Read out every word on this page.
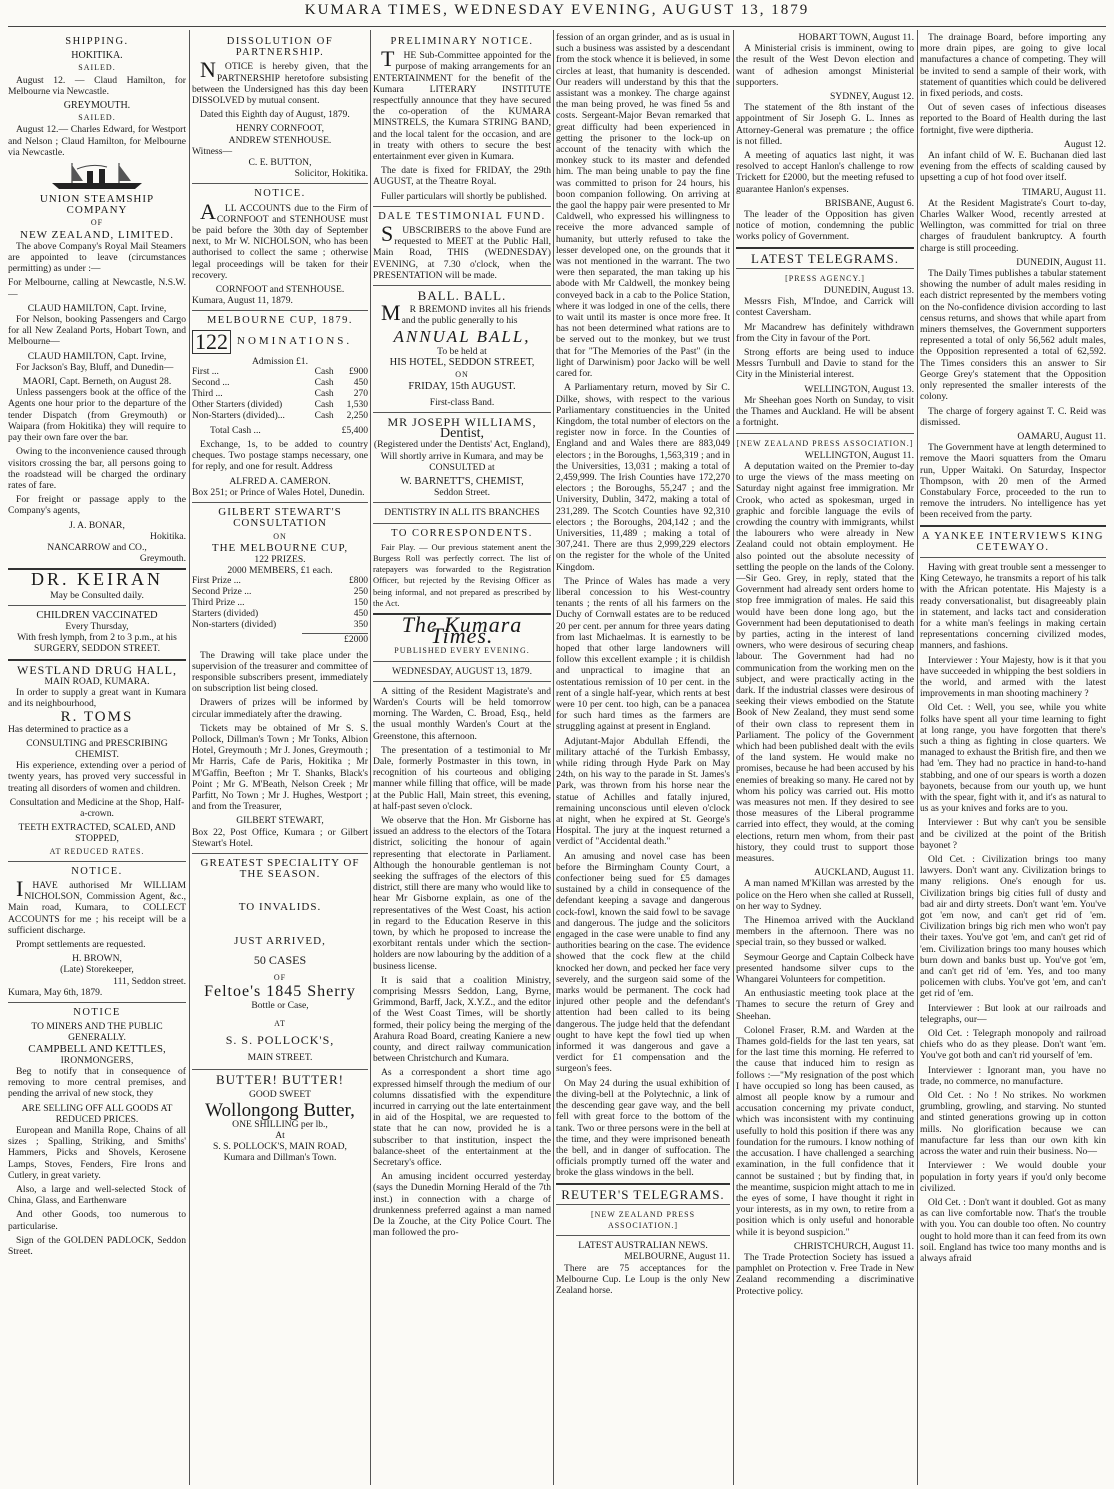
KUMARA TIMES, WEDNESDAY EVENING, AUGUST 13, 1879
SHIPPING.
HOKITIKA.
SAILED.

August 12. — Claud Hamilton, for Melbourne via Newcastle.

GREYMOUTH.
SAILED.

August 12.— Charles Edward, for Westport and Nelson ; Claud Hamilton, for Melbourne via Newcastle.

UNION STEAMSHIP COMPANY
OF
NEW ZEALAND, LIMITED.

The above Company's Royal Mail Steamers are appointed to leave (circumstances permitting) as under :—

For Melbourne, calling at Newcastle, N.S.W.—

CLAUD HAMILTON, Capt. Irvine,

For Nelson, booking Passengers and Cargo for all New Zealand Ports, Hobart Town, and Melbourne—

CLAUD HAMILTON, Capt. Irvine,

For Jackson's Bay, Bluff, and Dunedin—

MAORI, Capt. Berneth, on August 28.

Unless passengers book at the office of the Agents one hour prior to the departure of the tender Dispatch (from Greymouth) or Waipara (from Hokitika) they will require to pay their own fare over the bar.

Owing to the inconvenience caused through visitors crossing the bar, all persons going to the roadstead will be charged the ordinary rates of fare.

For freight or passage apply to the Company's agents,

J. A. BONAR,
Hokitika.
NANCARROW and CO.,
Greymouth.
DR. KEIRAN
May be Consulted daily.
CHILDREN VACCINATED
Every Thursday,
With fresh lymph, from 2 to 3 p.m., at his
SURGERY, SEDDON STREET.
WESTLAND DRUG HALL,
MAIN ROAD, KUMARA.

In order to supply a great want in Kumara and its neighbourhood,

R. TOMS

Has determined to practice as a

CONSULTING and PRESCRIBING CHEMIST.

His experience, extending over a period of twenty years, has proved very successful in treating all disorders of women and children.

Consultation and Medicine at the Shop, Half-a-crown.

TEETH EXTRACTED, SCALED, AND STOPPED,
AT REDUCED RATES.
NOTICE.

IHAVE authorised Mr WILLIAM NICHOLSON, Commission Agent, &c., Main road, Kumara, to COLLECT ACCOUNTS for me ; his receipt will be a sufficient discharge.

Prompt settlements are requested.

H. BROWN,
(Late) Storekeeper,
111, Seddon street.
Kumara, May 6th, 1879.
NOTICE
TO MINERS AND THE PUBLIC GENERALLY.
CAMPBELL AND KETTLES,
IRONMONGERS,

Beg to notify that in consequence of removing to more central premises, and pending the arrival of new stock, they

ARE SELLING OFF ALL GOODS AT REDUCED PRICES.

European and Manilla Rope, Chains of all sizes ; Spalling, Striking, and Smiths' Hammers, Picks and Shovels, Kerosene Lamps, Stoves, Fenders, Fire Irons and Cutlery, in great variety.

Also, a large and well-selected Stock of China, Glass, and Earthenware

And other Goods, too numerous to particularise.

Sign of the GOLDEN PADLOCK, Seddon Street.

DISSOLUTION OF PARTNERSHIP.

NOTICE is hereby given, that the PARTNERSHIP heretofore subsisting between the Undersigned has this day been DISSOLVED by mutual consent.

Dated this Eighth day of August, 1879.

HENRY CORNFOOT,
ANDREW STENHOUSE.
Witness—
C. E. BUTTON,
Solicitor, Hokitika.
NOTICE.

ALL ACCOUNTS due to the Firm of CORNFOOT and STENHOUSE must be paid before the 30th day of September next, to Mr W. NICHOLSON, who has been authorised to collect the same ; otherwise legal proceedings will be taken for their recovery.

CORNFOOT and STENHOUSE.
Kumara, August 11, 1879.
MELBOURNE CUP, 1879.
122 NOMINATIONS.
Admission £1.
First ...	Cash	£900
Second ...	Cash	450
Third ...	Cash	270
Other Starters (divided)	Cash	1,530
Non-Starters (divided)...	Cash	2,250
Total Cash ...	£5,400

Exchange, 1s, to be added to country cheques. Two postage stamps necessary, one for reply, and one for result. Address

ALFRED A. CAMERON.

Box 251; or Prince of Wales Hotel, Dunedin.

GILBERT STEWART'S CONSULTATION
ON
THE MELBOURNE CUP,
122 PRIZES.
2000 MEMBERS, £1 each.
First Prize ...	£800
Second Prize ...	250
Third Prize ...	150
Starters (divided)	450
Non-starters (divided)	350
£2000

The Drawing will take place under the supervision of the treasurer and committee of responsible subscribers present, immediately on subscription list being closed.

Drawers of prizes will be informed by circular immediately after the drawing.

Tickets may be obtained of Mr S. S. Pollock, Dillman's Town ; Mr Tonks, Albion Hotel, Greymouth ; Mr J. Jones, Greymouth ; Mr Harris, Cafe de Paris, Hokitika ; Mr M'Gaffin, Beefton ; Mr T. Shanks, Black's Point ; Mr G. M'Beath, Nelson Creek ; Mr Parfitt, No Town ; Mr J. Hughes, Westport ; and from the Treasurer,

GILBERT STEWART,

Box 22, Post Office, Kumara ; or Gilbert Stewart's Hotel.

GREATEST SPECIALITY OF THE SEASON.
TO INVALIDS.
JUST ARRIVED,
50 CASES
OF
Feltoe's 1845 Sherry
Bottle or Case,
AT
S. S. POLLOCK'S,
MAIN STREET.
BUTTER! BUTTER!
GOOD SWEET
Wollongong Butter,
ONE SHILLING per lb.,
At
S. S. POLLOCK'S, MAIN ROAD,
Kumara and Dillman's Town.
PRELIMINARY NOTICE.

THE Sub-Committee appointed for the purpose of making arrangements for an ENTERTAINMENT for the benefit of the Kumara LITERARY INSTITUTE respectfully announce that they have secured the co-operation of the KUMARA MINSTRELS, the Kumara STRING BAND, and the local talent for the occasion, and are in treaty with others to secure the best entertainment ever given in Kumara.

The date is fixed for FRIDAY, the 29th AUGUST, at the Theatre Royal.

Fuller particulars will shortly be published.

DALE TESTIMONIAL FUND.

SUBSCRIBERS to the above Fund are requested to MEET at the Public Hall, Main Road, THIS (WEDNESDAY) EVENING, at 7.30 o'clock, when the PRESENTATION will be made.

BALL. BALL.

MR BREMOND invites all his friends and the public generally to his

ANNUAL BALL,
To be held at
HIS HOTEL, SEDDON STREET,
ON
FRIDAY, 15th AUGUST.
First-class Band.
MR JOSEPH WILLIAMS,
Dentist,
(Registered under the Dentists' Act, England),

Will shortly arrive in Kumara, and may be CONSULTED at

W. BARNETT'S, CHEMIST,
Seddon Street.
DENTISTRY IN ALL ITS BRANCHES
TO CORRESPONDENTS.

Fair Play. — Our previous statement anent the Burgess Roll was perfectly correct. The list of ratepayers was forwarded to the Registration Officer, but rejected by the Revising Officer as being informal, and not prepared as prescribed by the Act.

The Kumara Times.
PUBLISHED EVERY EVENING.
WEDNESDAY, AUGUST 13, 1879.

A sitting of the Resident Magistrate's and Warden's Courts will be held tomorrow morning. The Warden, C. Broad, Esq., held the usual monthly Warden's Court at the Greenstone, this afternoon.

The presentation of a testimonial to Mr Dale, formerly Postmaster in this town, in recognition of his courteous and obliging manner while filling that office, will be made at the Public Hall, Main street, this evening, at half-past seven o'clock.

We observe that the Hon. Mr Gisborne has issued an address to the electors of the Totara district, soliciting the honour of again representing that electorate in Parliament. Although the honourable gentleman is not seeking the suffrages of the electors of this district, still there are many who would like to hear Mr Gisborne explain, as one of the representatives of the West Coast, his action in regard to the Education Reserve in this town, by which he proposed to increase the exorbitant rentals under which the section-holders are now labouring by the addition of a business license.

It is said that a coalition Ministry, comprising Messrs Seddon, Lang, Byrne, Grimmond, Barff, Jack, X.Y.Z., and the editor of the West Coast Times, will be shortly formed, their policy being the merging of the Arahura Road Board, creating Kaniere a new county, and direct railway communication between Christchurch and Kumara.

As a correspondent a short time ago expressed himself through the medium of our columns dissatisfied with the expenditure incurred in carrying out the late entertainment in aid of the Hospital, we are requested to state that he can now, provided he is a subscriber to that institution, inspect the balance-sheet of the entertainment at the Secretary's office.

An amusing incident occurred yesterday (says the Dunedin Morning Herald of the 7th inst.) in connection with a charge of drunkenness preferred against a man named De la Zouche, at the City Police Court. The man followed the pro-

fession of an organ grinder, and as is usual in such a business was assisted by a descendant from the stock whence it is believed, in some circles at least, that humanity is descended. Our readers will understand by this that the assistant was a monkey. The charge against the man being proved, he was fined 5s and costs. Sergeant-Major Bevan remarked that great difficulty had been experienced in getting the prisoner to the lock-up on account of the tenacity with which the monkey stuck to its master and defended him. The man being unable to pay the fine was committed to prison for 24 hours, his boon companion following. On arriving at the gaol the happy pair were presented to Mr Caldwell, who expressed his willingness to receive the more advanced sample of humanity, but utterly refused to take the lesser developed one, on the grounds that it was not mentioned in the warrant. The two were then separated, the man taking up his abode with Mr Caldwell, the monkey being conveyed back in a cab to the Police Station, where it was lodged in one of the cells, there to wait until its master is once more free. It has not been determined what rations are to be served out to the monkey, but we trust that for "The Memories of the Past" (in the light of Darwinism) poor Jacko will be well cared for.

A Parliamentary return, moved by Sir C. Dilke, shows, with respect to the various Parliamentary constituencies in the United Kingdom, the total number of electors on the register now in force. In the Counties of England and and Wales there are 883,049 electors ; in the Boroughs, 1,563,319 ; and in the Universities, 13,031 ; making a total of 2,459,999. The Irish Counties have 172,270 electors ; the Boroughs, 55,247 ; and the University, Dublin, 3472, making a total of 231,289. The Scotch Counties have 92,310 electors ; the Boroughs, 204,142 ; and the Universities, 11,489 ; making a total of 307,241. There are thus 2,999,229 electors on the register for the whole of the United Kingdom.

The Prince of Wales has made a very liberal concession to his West-country tenants ; the rents of all his farmers on the Duchy of Cornwall estates are to be reduced 20 per cent. per annum for three years dating from last Michaelmas. It is earnestly to be hoped that other large landowners will follow this excellent example ; it is childish and unpractical to imagine that an ostentatious remission of 10 per cent. in the rent of a single half-year, which rents at best were 10 per cent. too high, can be a panacea for such hard times as the farmers are struggling against at present in England.

Adjutant-Major Abdullah Effendi, the military attaché of the Turkish Embassy, while riding through Hyde Park on May 24th, on his way to the parade in St. James's Park, was thrown from his horse near the statue of Achilles and fatally injured, remaining unconscious until eleven o'clock at night, when he expired at St. George's Hospital. The jury at the inquest returned a verdict of "Accidental death."

An amusing and novel case has been before the Birmingham County Court, a confectioner being sued for £5 damages sustained by a child in consequence of the defendant keeping a savage and dangerous cock-fowl, known the said fowl to be savage and dangerous. The judge and the solicitors engaged in the case were unable to find any authorities bearing on the case. The evidence showed that the cock flew at the child knocked her down, and pecked her face very severely, and the surgeon said some of the marks would be permanent. The cock had injured other people and the defendant's attention had been called to its being dangerous. The judge held that the defendant ought to have kept the fowl tied up when informed it was dangerous and gave a verdict for £1 compensation and the surgeon's fees.

On May 24 during the usual exhibition of the diving-bell at the Polytechnic, a link of the descending gear gave way, and the bell fell with great force to the bottom of the tank. Two or three persons were in the bell at the time, and they were imprisoned beneath the bell, and in danger of suffocation. The officials promptly turned off the water and broke the glass windows in the bell.

REUTER'S TELEGRAMS.
[NEW ZEALAND PRESS ASSOCIATION.]
LATEST AUSTRALIAN NEWS.
MELBOURNE, August 11.

There are 75 acceptances for the Melbourne Cup. Le Loup is the only New Zealand horse.

HOBART TOWN, August 11.

A Ministerial crisis is imminent, owing to the result of the West Devon election and want of adhesion amongst Ministerial supporters.

SYDNEY, August 12.

The statement of the 8th instant of the appointment of Sir Joseph G. L. Innes as Attorney-General was premature ; the office is not filled.

A meeting of aquatics last night, it was resolved to accept Hanlon's challenge to row Trickett for £2000, but the meeting refused to guarantee Hanlon's expenses.

BRISBANE, August 6.

The leader of the Opposition has given notice of motion, condemning the public works policy of Government.

LATEST TELEGRAMS.
[PRESS AGENCY.]
DUNEDIN, August 13.

Messrs Fish, M'Indoe, and Carrick will contest Caversham.

Mr Macandrew has definitely withdrawn from the City in favour of the Port.

Strong efforts are being used to induce Messrs Turnbull and Davie to stand for the City in the Ministerial interest.

WELLINGTON, August 13.

Mr Sheehan goes North on Sunday, to visit the Thames and Auckland. He will be absent a fortnight.

[NEW ZEALAND PRESS ASSOCIATION.]
WELLINGTON, August 11.

A deputation waited on the Premier to-day to urge the views of the mass meeting on Saturday night against free immigration. Mr Crook, who acted as spokesman, urged in graphic and forcible language the evils of crowding the country with immigrants, whilst the labourers who were already in New Zealand could not obtain employment. He also pointed out the absolute necessity of settling the people on the lands of the Colony.—Sir Geo. Grey, in reply, stated that the Government had already sent orders home to stop free immigration of males. He said this would have been done long ago, but the Government had been deputationised to death by parties, acting in the interest of land owners, who were desirous of securing cheap labour. The Government had had no communication from the working men on the subject, and were practically acting in the dark. If the industrial classes were desirous of seeking their views embodied on the Statute Book of New Zealand, they must send some of their own class to represent them in Parliament. The policy of the Government which had been published dealt with the evils of the land system. He would make no promises, because he had been accused by his enemies of breaking so many. He cared not by whom his policy was carried out. His motto was measures not men. If they desired to see those measures of the Liberal programme carried into effect, they would, at the coming elections, return men whom, from their past history, they could trust to support those measures.

AUCKLAND, August 11.

A man named M'Killan was arrested by the police on the Hero when she called at Russell, on her way to Sydney.

The Hinemoa arrived with the Auckland members in the afternoon. There was no special train, so they bussed or walked.

Seymour George and Captain Colbeck have presented handsome silver cups to the Whangarei Volunteers for competition.

An enthusiastic meeting took place at the Thames to secure the return of Grey and Sheehan.

Colonel Fraser, R.M. and Warden at the Thames gold-fields for the last ten years, sat for the last time this morning. He referred to the cause that induced him to resign as follows :—"My resignation of the post which I have occupied so long has been caused, as almost all people know by a rumour and accusation concerning my private conduct, which was inconsistent with my continuing usefully to hold this position if there was any foundation for the rumours. I know nothing of the accusation. I have challenged a searching examination, in the full confidence that it cannot be sustained ; but by finding that, in the meantime, suspicion might attach to me in the eyes of some, I have thought it right in your interests, as in my own, to retire from a position which is only useful and honorable while it is beyond suspicion."

CHRISTCHURCH, August 11.

The Trade Protection Society has issued a pamphlet on Protection v. Free Trade in New Zealand recommending a discriminative Protective policy.

The drainage Board, before importing any more drain pipes, are going to give local manufactures a chance of competing. They will be invited to send a sample of their work, with statement of quantities which could be delivered in fixed periods, and costs.

Out of seven cases of infectious diseases reported to the Board of Health during the last fortnight, five were diptheria.

August 12.

An infant child of W. E. Buchanan died last evening from the effects of scalding caused by upsetting a cup of hot food over itself.

TIMARU, August 11.

At the Resident Magistrate's Court to-day, Charles Walker Wood, recently arrested at Wellington, was committed for trial on three charges of fraudulent bankruptcy. A fourth charge is still proceeding.

DUNEDIN, August 11.

The Daily Times publishes a tabular statement showing the number of adult males residing in each district represented by the members voting on the No-confidence division according to last census returns, and shows that while apart from miners themselves, the Government supporters represented a total of only 56,562 adult males, the Opposition represented a total of 62,592. The Times considers this an answer to Sir George Grey's statement that the Opposition only represented the smaller interests of the colony.

The charge of forgery against T. C. Reid was dismissed.

OAMARU, August 11.

The Government have at length determined to remove the Maori squatters from the Omaru run, Upper Waitaki. On Saturday, Inspector Thompson, with 20 men of the Armed Constabulary Force, proceeded to the run to remove the intruders. No intelligence has yet been received from the party.

A YANKEE INTERVIEWS KING CETEWAYO.

Having with great trouble sent a messenger to King Cetewayo, he transmits a report of his talk with the African potentate. His Majesty is a ready conversationalist, but disagreeably plain in statement, and lacks tact and consideration for a white man's feelings in making certain representations concerning civilized modes, manners, and fashions.

Interviewer : Your Majesty, how is it that you have succeeded in whipping the best soldiers in the world, and armed with the latest improvements in man shooting machinery ?

Old Cet. : Well, you see, while you white folks have spent all your time learning to fight at long range, you have forgotten that there's such a thing as fighting in close quarters. We managed to exhaust the British fire, and then we had 'em. They had no practice in hand-to-hand stabbing, and one of our spears is worth a dozen bayonets, because from our youth up, we hunt with the spear, fight with it, and it's as natural to us as your knives and forks are to you.

Interviewer : But why can't you be sensible and be civilized at the point of the British bayonet ?

Old Cet. : Civilization brings too many lawyers. Don't want any. Civilization brings to many religions. One's enough for us. Civilization brings big cities full of dusty and bad air and dirty streets. Don't want 'em. You've got 'em now, and can't get rid of 'em. Civilization brings big rich men who won't pay their taxes. You've got 'em, and can't get rid of 'em. Civilization brings too many houses which burn down and banks bust up. You've got 'em, and can't get rid of 'em. Yes, and too many policemen with clubs. You've got 'em, and can't get rid of 'em.

Interviewer : But look at our railroads and telegraphs, our—

Old Cet. : Telegraph monopoly and railroad chiefs who do as they please. Don't want 'em. You've got both and can't rid yourself of 'em.

Interviewer : Ignorant man, you have no trade, no commerce, no manufacture.

Old Cet. : No ! No strikes. No workmen grumbling, growling, and starving. No stunted and stinted generations growing up in cotton mills. No glorification because we can manufacture far less than our own kith kin across the water and ruin their business. No—

Interviewer : We would double your population in forty years if you'd only become civilized.

Old Cet. : Don't want it doubled. Got as many as can live comfortable now. That's the trouble with you. You can double too often. No country ought to hold more than it can feed from its own soil. England has twice too many months and is always afraid
